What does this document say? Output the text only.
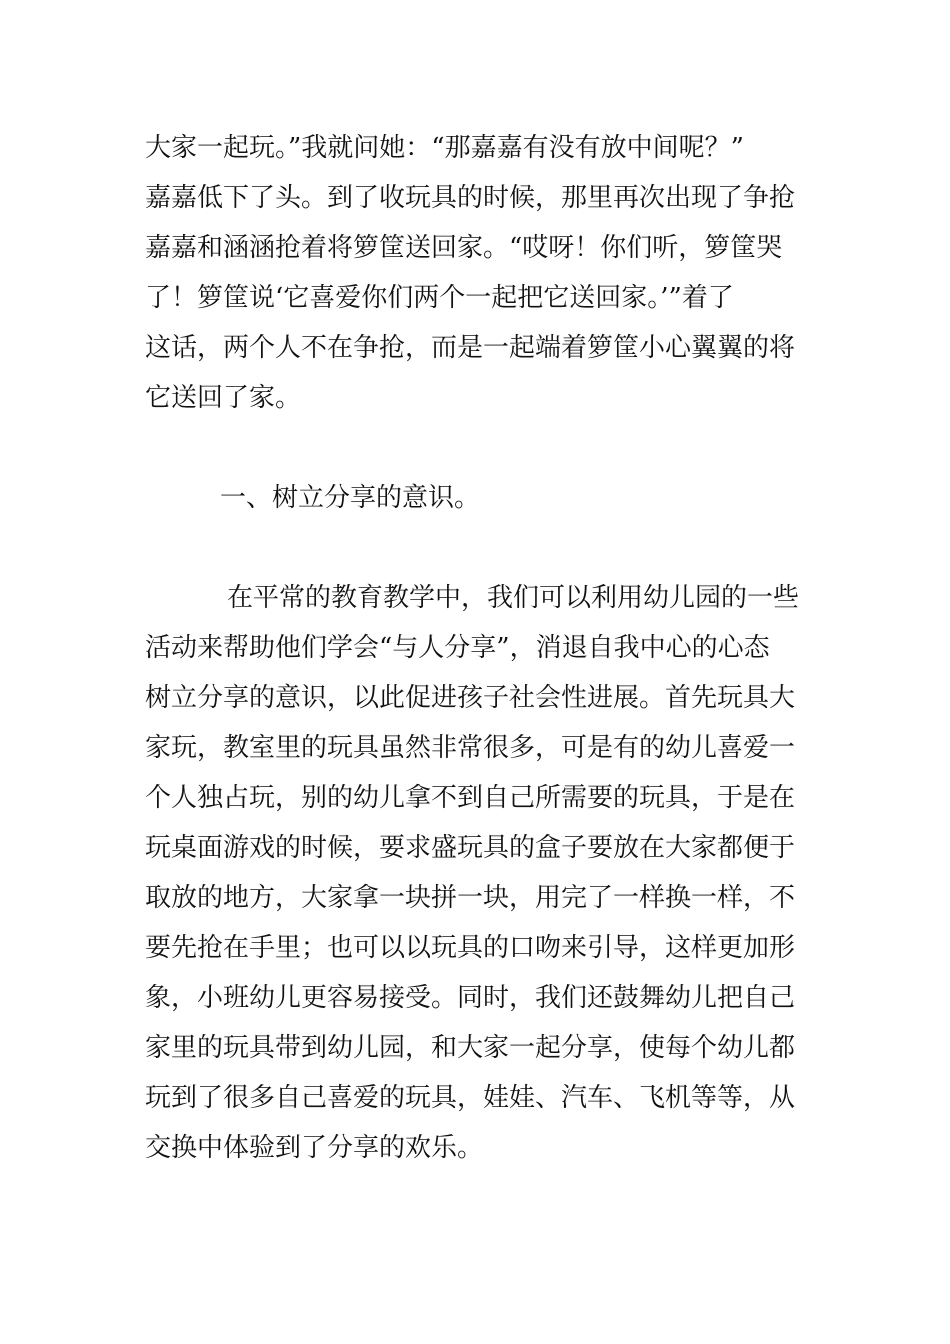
大家一起玩。”我就问她：“那嘉嘉有没有放中间呢？”
嘉嘉低下了头。到了收玩具的时候，那里再次出现了争抢
嘉嘉和涵涵抢着将箩筐送回家。“哎呀！你们听，箩筐哭
了！箩筐说‘它喜爱你们两个一起把它送回家。’”着了
这话，两个人不在争抢，而是一起端着箩筐小心翼翼的将
它送回了家。
一、树立分享的意识。
在平常的教育教学中，我们可以利用幼儿园的一些
活动来帮助他们学会“与人分享”，消退自我中心的心态
树立分享的意识，以此促进孩子社会性进展。首先玩具大
家玩，教室里的玩具虽然非常很多，可是有的幼儿喜爱一
个人独占玩，别的幼儿拿不到自己所需要的玩具，于是在
玩桌面游戏的时候，要求盛玩具的盒子要放在大家都便于
取放的地方，大家拿一块拼一块，用完了一样换一样，不
要先抢在手里；也可以以玩具的口吻来引导，这样更加形
象，小班幼儿更容易接受。同时，我们还鼓舞幼儿把自己
家里的玩具带到幼儿园，和大家一起分享，使每个幼儿都
玩到了很多自己喜爱的玩具，娃娃、汽车、飞机等等，从
交换中体验到了分享的欢乐。
